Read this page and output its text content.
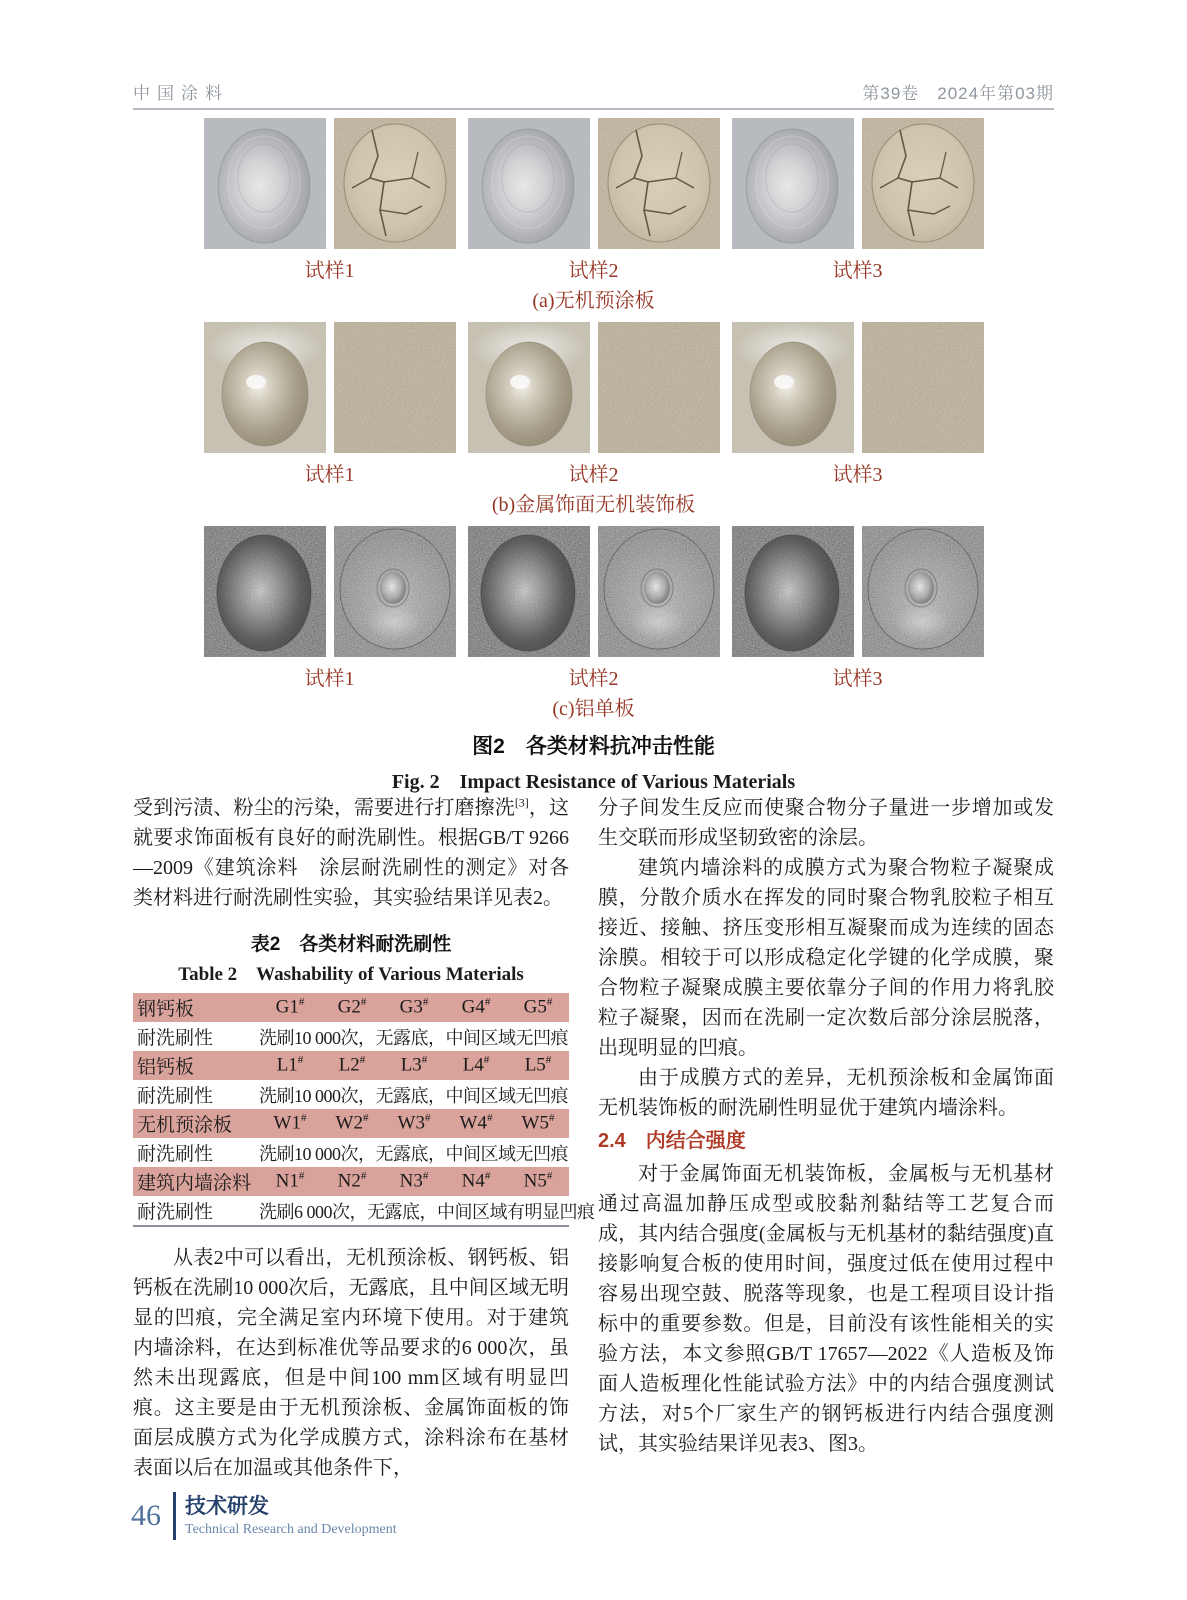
中国涂料	第39卷　2024年第03期
试样1	试样2	试样3
(a)无机预涂板
试样1	试样2	试样3
(b)金属饰面无机装饰板
试样1	试样2	试样3
(c)铝单板
图2　各类材料抗冲击性能
Fig. 2　Impact Resistance of Various Materials

受到污渍、粉尘的污染，需要进行打磨擦洗[3]，这就要求饰面板有良好的耐洗刷性。根据GB/T 9266—2009《建筑涂料　涂层耐洗刷性的测定》对各类材料进行耐洗刷性实验，其实验结果详见表2。

表2　各类材料耐洗刷性
Table 2　Washability of Various Materials
钢钙板	G1#	G2#	G3#	G4#	G5#
耐洗刷性	洗刷10 000次，无露底，中间区域无凹痕
铝钙板	L1#	L2#	L3#	L4#	L5#
耐洗刷性	洗刷10 000次，无露底，中间区域无凹痕
无机预涂板	W1#	W2#	W3#	W4#	W5#
耐洗刷性	洗刷10 000次，无露底，中间区域无凹痕
建筑内墙涂料	N1#	N2#	N3#	N4#	N5#
耐洗刷性	洗刷6 000次，无露底，中间区域有明显凹痕

从表2中可以看出，无机预涂板、钢钙板、铝钙板在洗刷10 000次后，无露底，且中间区域无明显的凹痕，完全满足室内环境下使用。对于建筑内墙涂料，在达到标准优等品要求的6 000次，虽然未出现露底，但是中间100 mm区域有明显凹痕。这主要是由于无机预涂板、金属饰面板的饰面层成膜方式为化学成膜方式，涂料涂布在基材表面以后在加温或其他条件下，

分子间发生反应而使聚合物分子量进一步增加或发生交联而形成坚韧致密的涂层。

建筑内墙涂料的成膜方式为聚合物粒子凝聚成膜，分散介质水在挥发的同时聚合物乳胶粒子相互接近、接触、挤压变形相互凝聚而成为连续的固态涂膜。相较于可以形成稳定化学键的化学成膜，聚合物粒子凝聚成膜主要依靠分子间的作用力将乳胶粒子凝聚，因而在洗刷一定次数后部分涂层脱落，出现明显的凹痕。

由于成膜方式的差异，无机预涂板和金属饰面无机装饰板的耐洗刷性明显优于建筑内墙涂料。

2.4　内结合强度

对于金属饰面无机装饰板，金属板与无机基材通过高温加静压成型或胶黏剂黏结等工艺复合而成，其内结合强度(金属板与无机基材的黏结强度)直接影响复合板的使用时间，强度过低在使用过程中容易出现空鼓、脱落等现象，也是工程项目设计指标中的重要参数。但是，目前没有该性能相关的实验方法，本文参照GB/T 17657—2022《人造板及饰面人造板理化性能试验方法》中的内结合强度测试方法，对5个厂家生产的钢钙板进行内结合强度测试，其实验结果详见表3、图3。

46 技术研发
Technical Research and Development
